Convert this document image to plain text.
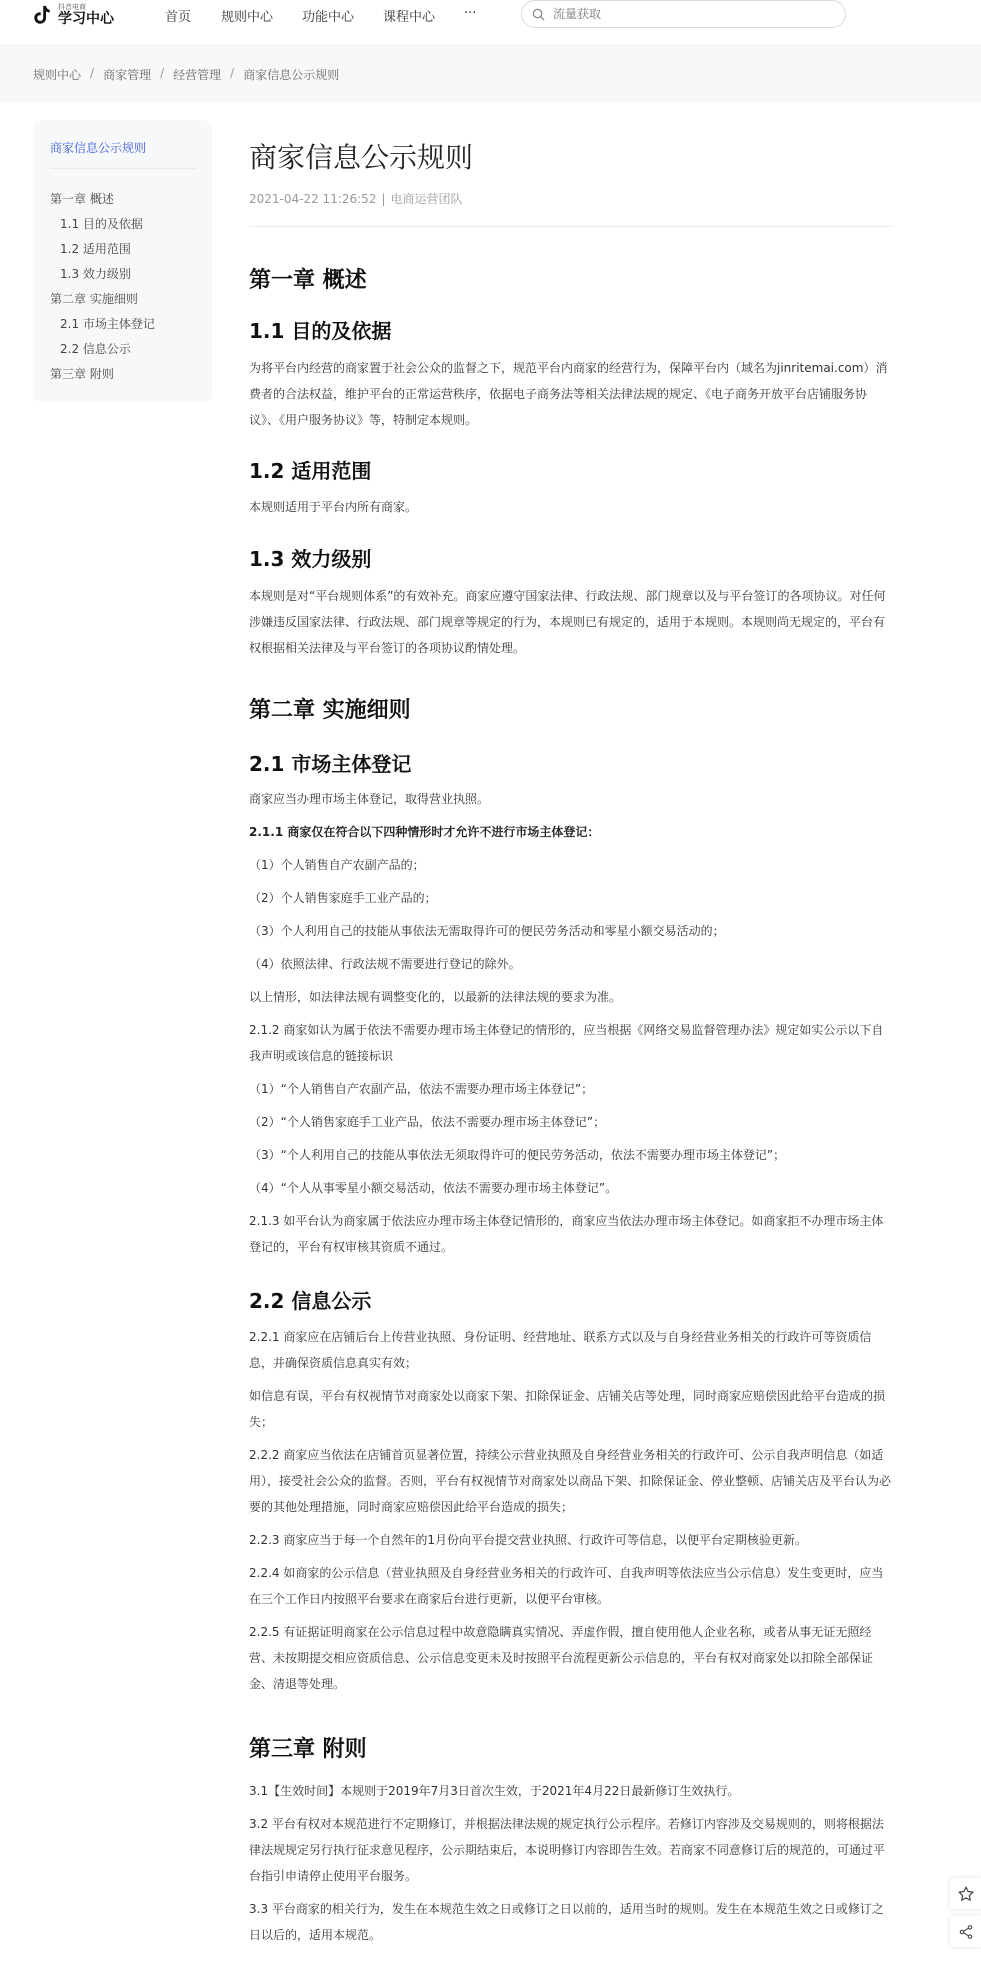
抖音电商
学习中心	首页 规则中心 功能中心 课程中心 ···
流量获取
规则中心 / 商家管理 / 经营管理 / 商家信息公示规则
商家信息公示规则
第一章 概述
1.1 目的及依据
1.2 适用范围
1.3 效力级别
第二章 实施细则
2.1 市场主体登记
2.2 信息公示
第三章 附则
商家信息公示规则
2021-04-22 11:26:52 | 电商运营团队
第一章 概述
1.1 目的及依据

为将平台内经营的商家置于社会公众的监督之下，规范平台内商家的经营行为，保障平台内（域名为jinritemai.com）消费者的合法权益，维护平台的正常运营秩序，依据电子商务法等相关法律法规的规定、《电子商务开放平台店铺服务协议》、《用户服务协议》等，特制定本规则。

1.2 适用范围

本规则适用于平台内所有商家。

1.3 效力级别

本规则是对“平台规则体系”的有效补充。商家应遵守国家法律、行政法规、部门规章以及与平台签订的各项协议。对任何涉嫌违反国家法律、行政法规、部门规章等规定的行为，本规则已有规定的，适用于本规则。本规则尚无规定的，平台有权根据相关法律及与平台签订的各项协议酌情处理。

第二章 实施细则
2.1 市场主体登记

商家应当办理市场主体登记，取得营业执照。

2.1.1 商家仅在符合以下四种情形时才允许不进行市场主体登记：

（1）个人销售自产农副产品的；

（2）个人销售家庭手工业产品的；

（3）个人利用自己的技能从事依法无需取得许可的便民劳务活动和零星小额交易活动的；

（4）依照法律、行政法规不需要进行登记的除外。

以上情形，如法律法规有调整变化的，以最新的法律法规的要求为准。

2.1.2 商家如认为属于依法不需要办理市场主体登记的情形的，应当根据《网络交易监督管理办法》规定如实公示以下自我声明或该信息的链接标识

（1）“个人销售自产农副产品，依法不需要办理市场主体登记”；

（2）“个人销售家庭手工业产品，依法不需要办理市场主体登记”；

（3）“个人利用自己的技能从事依法无须取得许可的便民劳务活动，依法不需要办理市场主体登记”；

（4）“个人从事零星小额交易活动，依法不需要办理市场主体登记”。

2.1.3 如平台认为商家属于依法应办理市场主体登记情形的，商家应当依法办理市场主体登记。如商家拒不办理市场主体登记的，平台有权审核其资质不通过。

2.2 信息公示

2.2.1 商家应在店铺后台上传营业执照、身份证明、经营地址、联系方式以及与自身经营业务相关的行政许可等资质信息，并确保资质信息真实有效；

如信息有误，平台有权视情节对商家处以商家下架、扣除保证金、店铺关店等处理，同时商家应赔偿因此给平台造成的损失；

2.2.2 商家应当依法在店铺首页显著位置，持续公示营业执照及自身经营业务相关的行政许可、公示自我声明信息（如适用），接受社会公众的监督。否则，平台有权视情节对商家处以商品下架、扣除保证金、停业整顿、店铺关店及平台认为必要的其他处理措施，同时商家应赔偿因此给平台造成的损失；

2.2.3 商家应当于每一个自然年的1月份向平台提交营业执照、行政许可等信息，以便平台定期核验更新。

2.2.4 如商家的公示信息（营业执照及自身经营业务相关的行政许可、自我声明等依法应当公示信息）发生变更时，应当在三个工作日内按照平台要求在商家后台进行更新，以便平台审核。

2.2.5 有证据证明商家在公示信息过程中故意隐瞒真实情况、弄虚作假，擅自使用他人企业名称，或者从事无证无照经营、未按期提交相应资质信息、公示信息变更未及时按照平台流程更新公示信息的，平台有权对商家处以扣除全部保证金、清退等处理。

第三章 附则

3.1【生效时间】本规则于2019年7月3日首次生效，于2021年4月22日最新修订生效执行。

3.2 平台有权对本规范进行不定期修订，并根据法律法规的规定执行公示程序。若修订内容涉及交易规则的，则将根据法律法规规定另行执行征求意见程序，公示期结束后，本说明修订内容即告生效。若商家不同意修订后的规范的，可通过平台指引申请停止使用平台服务。

3.3 平台商家的相关行为，发生在本规范生效之日或修订之日以前的，适用当时的规则。发生在本规范生效之日或修订之日以后的，适用本规范。
